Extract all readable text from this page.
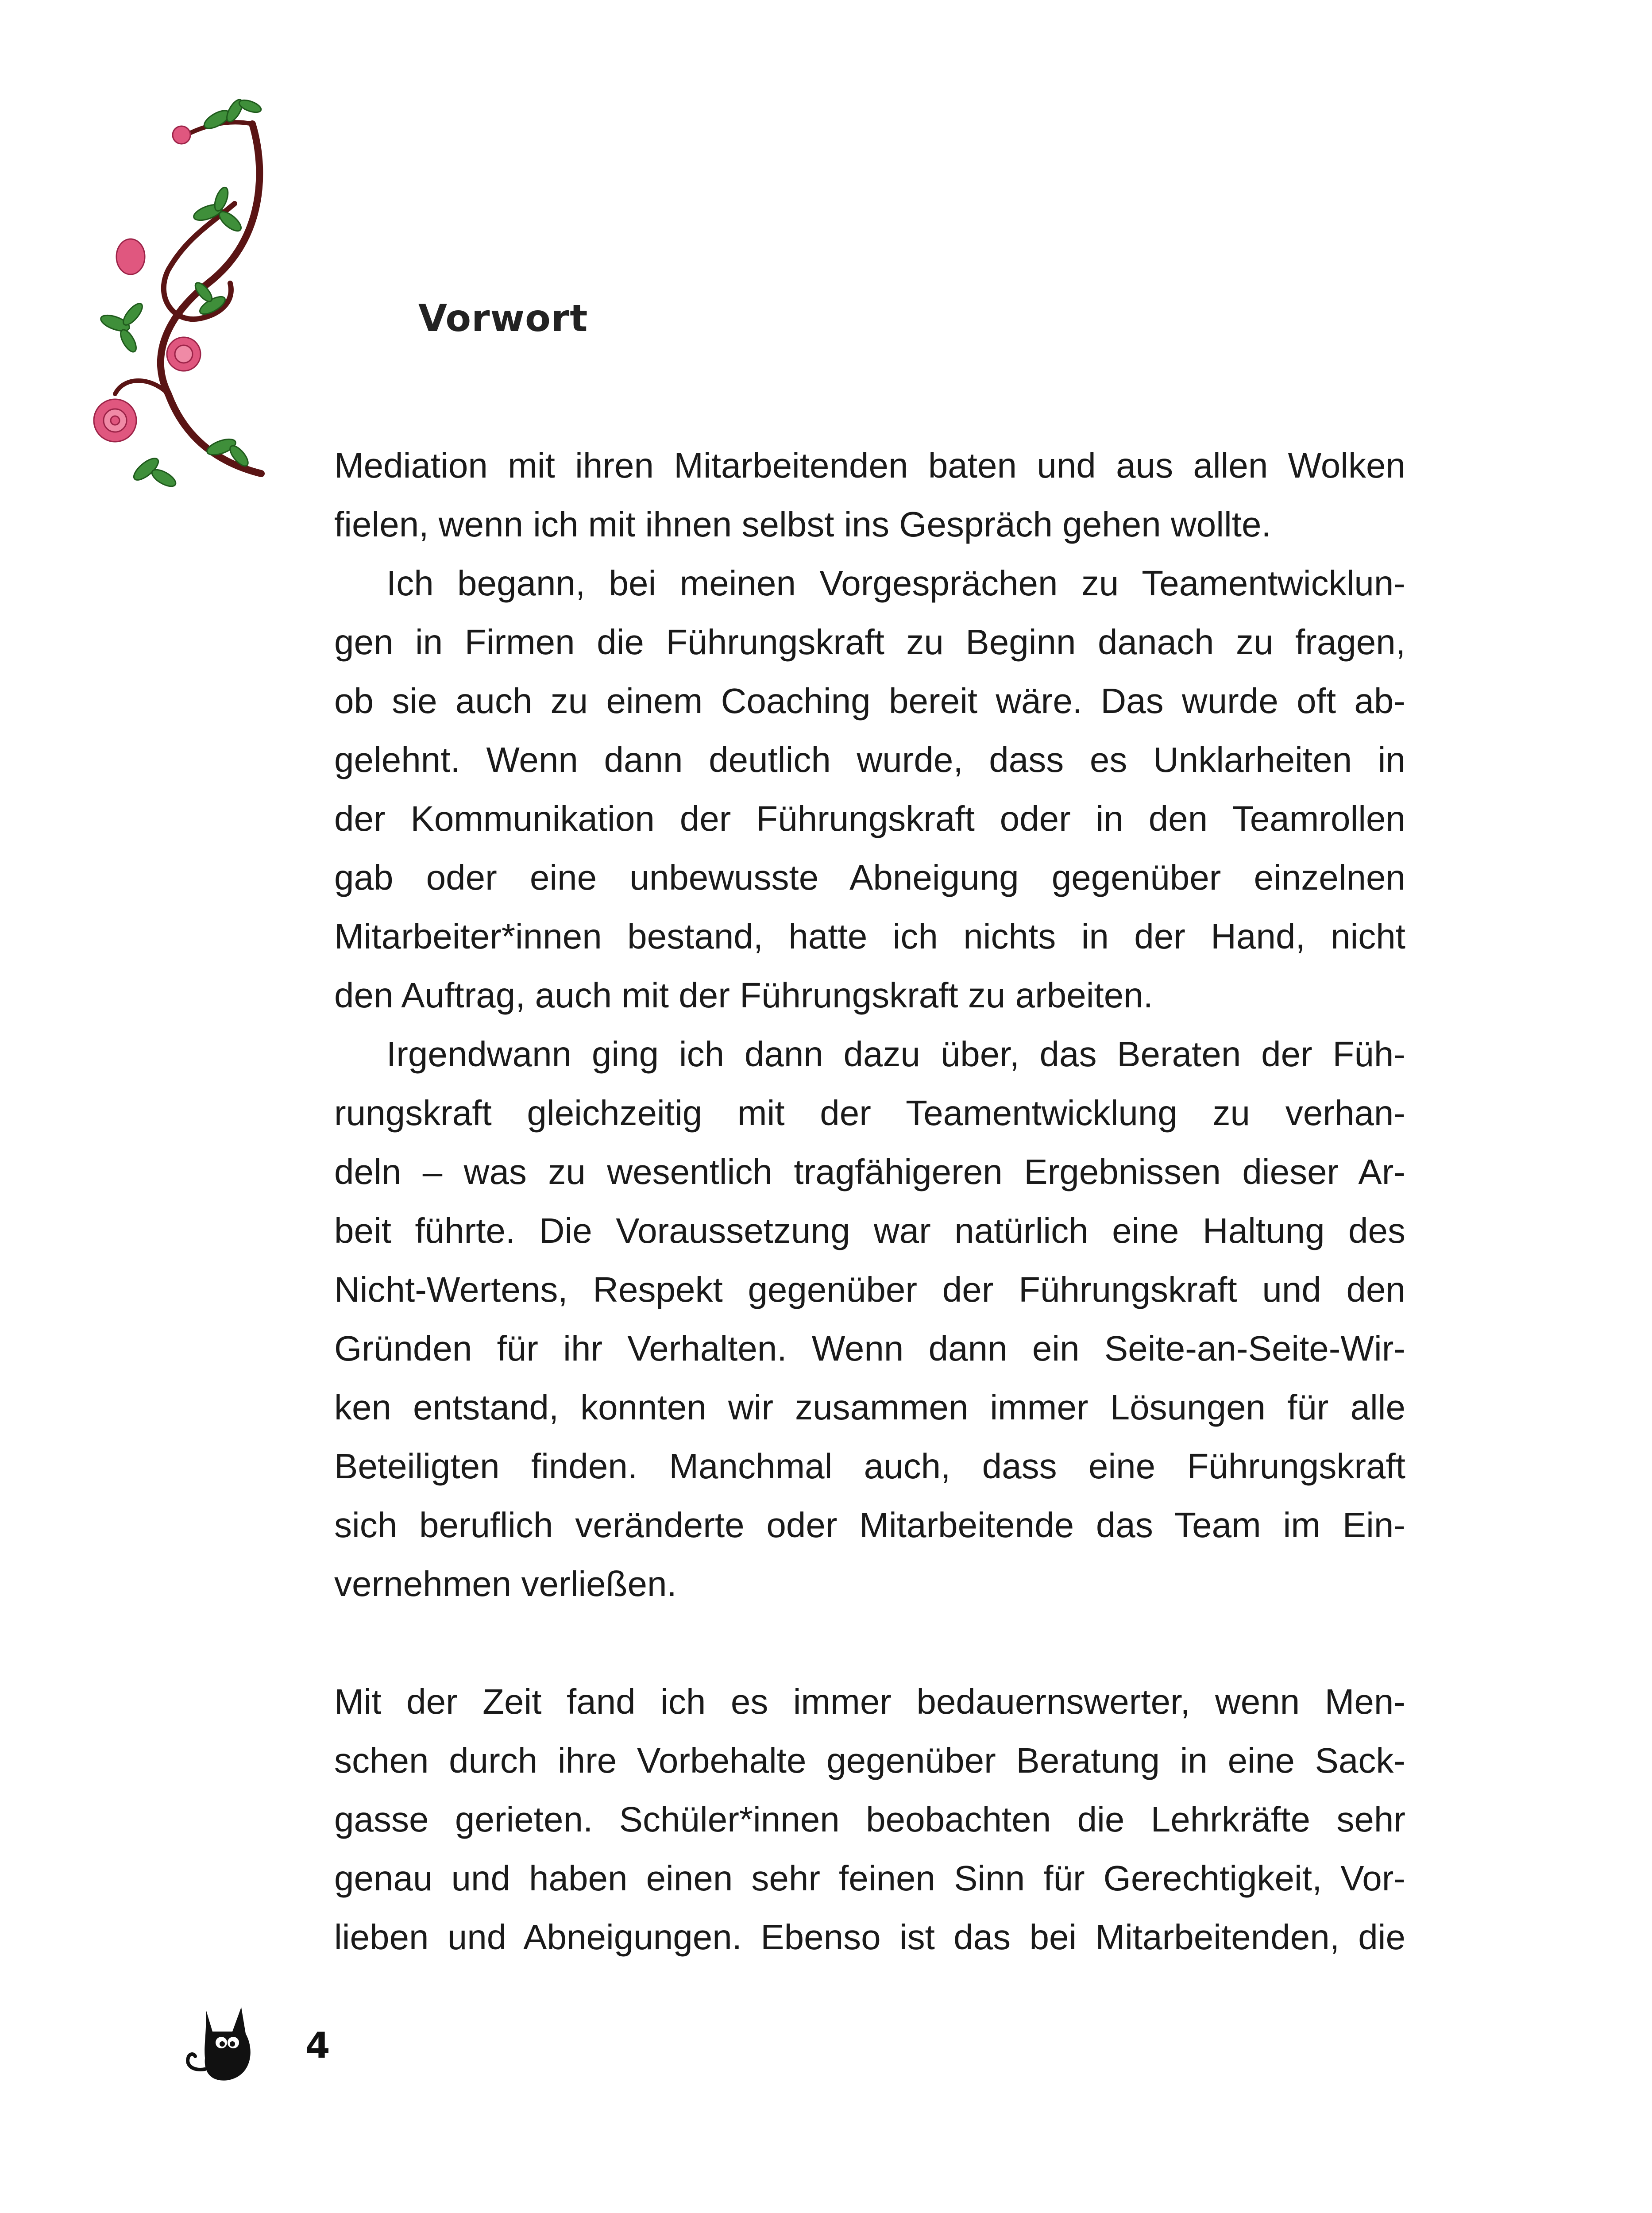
Vorwort
Mediation mit ihren Mitarbeitenden baten und aus allen Wolken
fielen, wenn ich mit ihnen selbst ins Gespräch gehen wollte.
Ich begann, bei meinen Vorgesprächen zu Teamentwicklun-
gen in Firmen die Führungskraft zu Beginn danach zu fragen,
ob sie auch zu einem Coaching bereit wäre. Das wurde oft ab-
gelehnt. Wenn dann deutlich wurde, dass es Unklarheiten in
der Kommunikation der Führungskraft oder in den Teamrollen
gab oder eine unbewusste Abneigung gegenüber einzelnen
Mitarbeiter*innen bestand, hatte ich nichts in der Hand, nicht
den Auftrag, auch mit der Führungskraft zu arbeiten.
Irgendwann ging ich dann dazu über, das Beraten der Füh-
rungskraft gleichzeitig mit der Teamentwicklung zu verhan-
deln – was zu wesentlich tragfähigeren Ergebnissen dieser Ar-
beit führte. Die Voraussetzung war natürlich eine Haltung des
Nicht-Wertens, Respekt gegenüber der Führungskraft und den
Gründen für ihr Verhalten. Wenn dann ein Seite-an-Seite-Wir-
ken entstand, konnten wir zusammen immer Lösungen für alle
Beteiligten finden. Manchmal auch, dass eine Führungskraft
sich beruflich veränderte oder Mitarbeitende das Team im Ein-
vernehmen verließen.
Mit der Zeit fand ich es immer bedauernswerter, wenn Men-
schen durch ihre Vorbehalte gegenüber Beratung in eine Sack-
gasse gerieten. Schüler*innen beobachten die Lehrkräfte sehr
genau und haben einen sehr feinen Sinn für Gerechtigkeit, Vor-
lieben und Abneigungen. Ebenso ist das bei Mitarbeitenden, die
4
